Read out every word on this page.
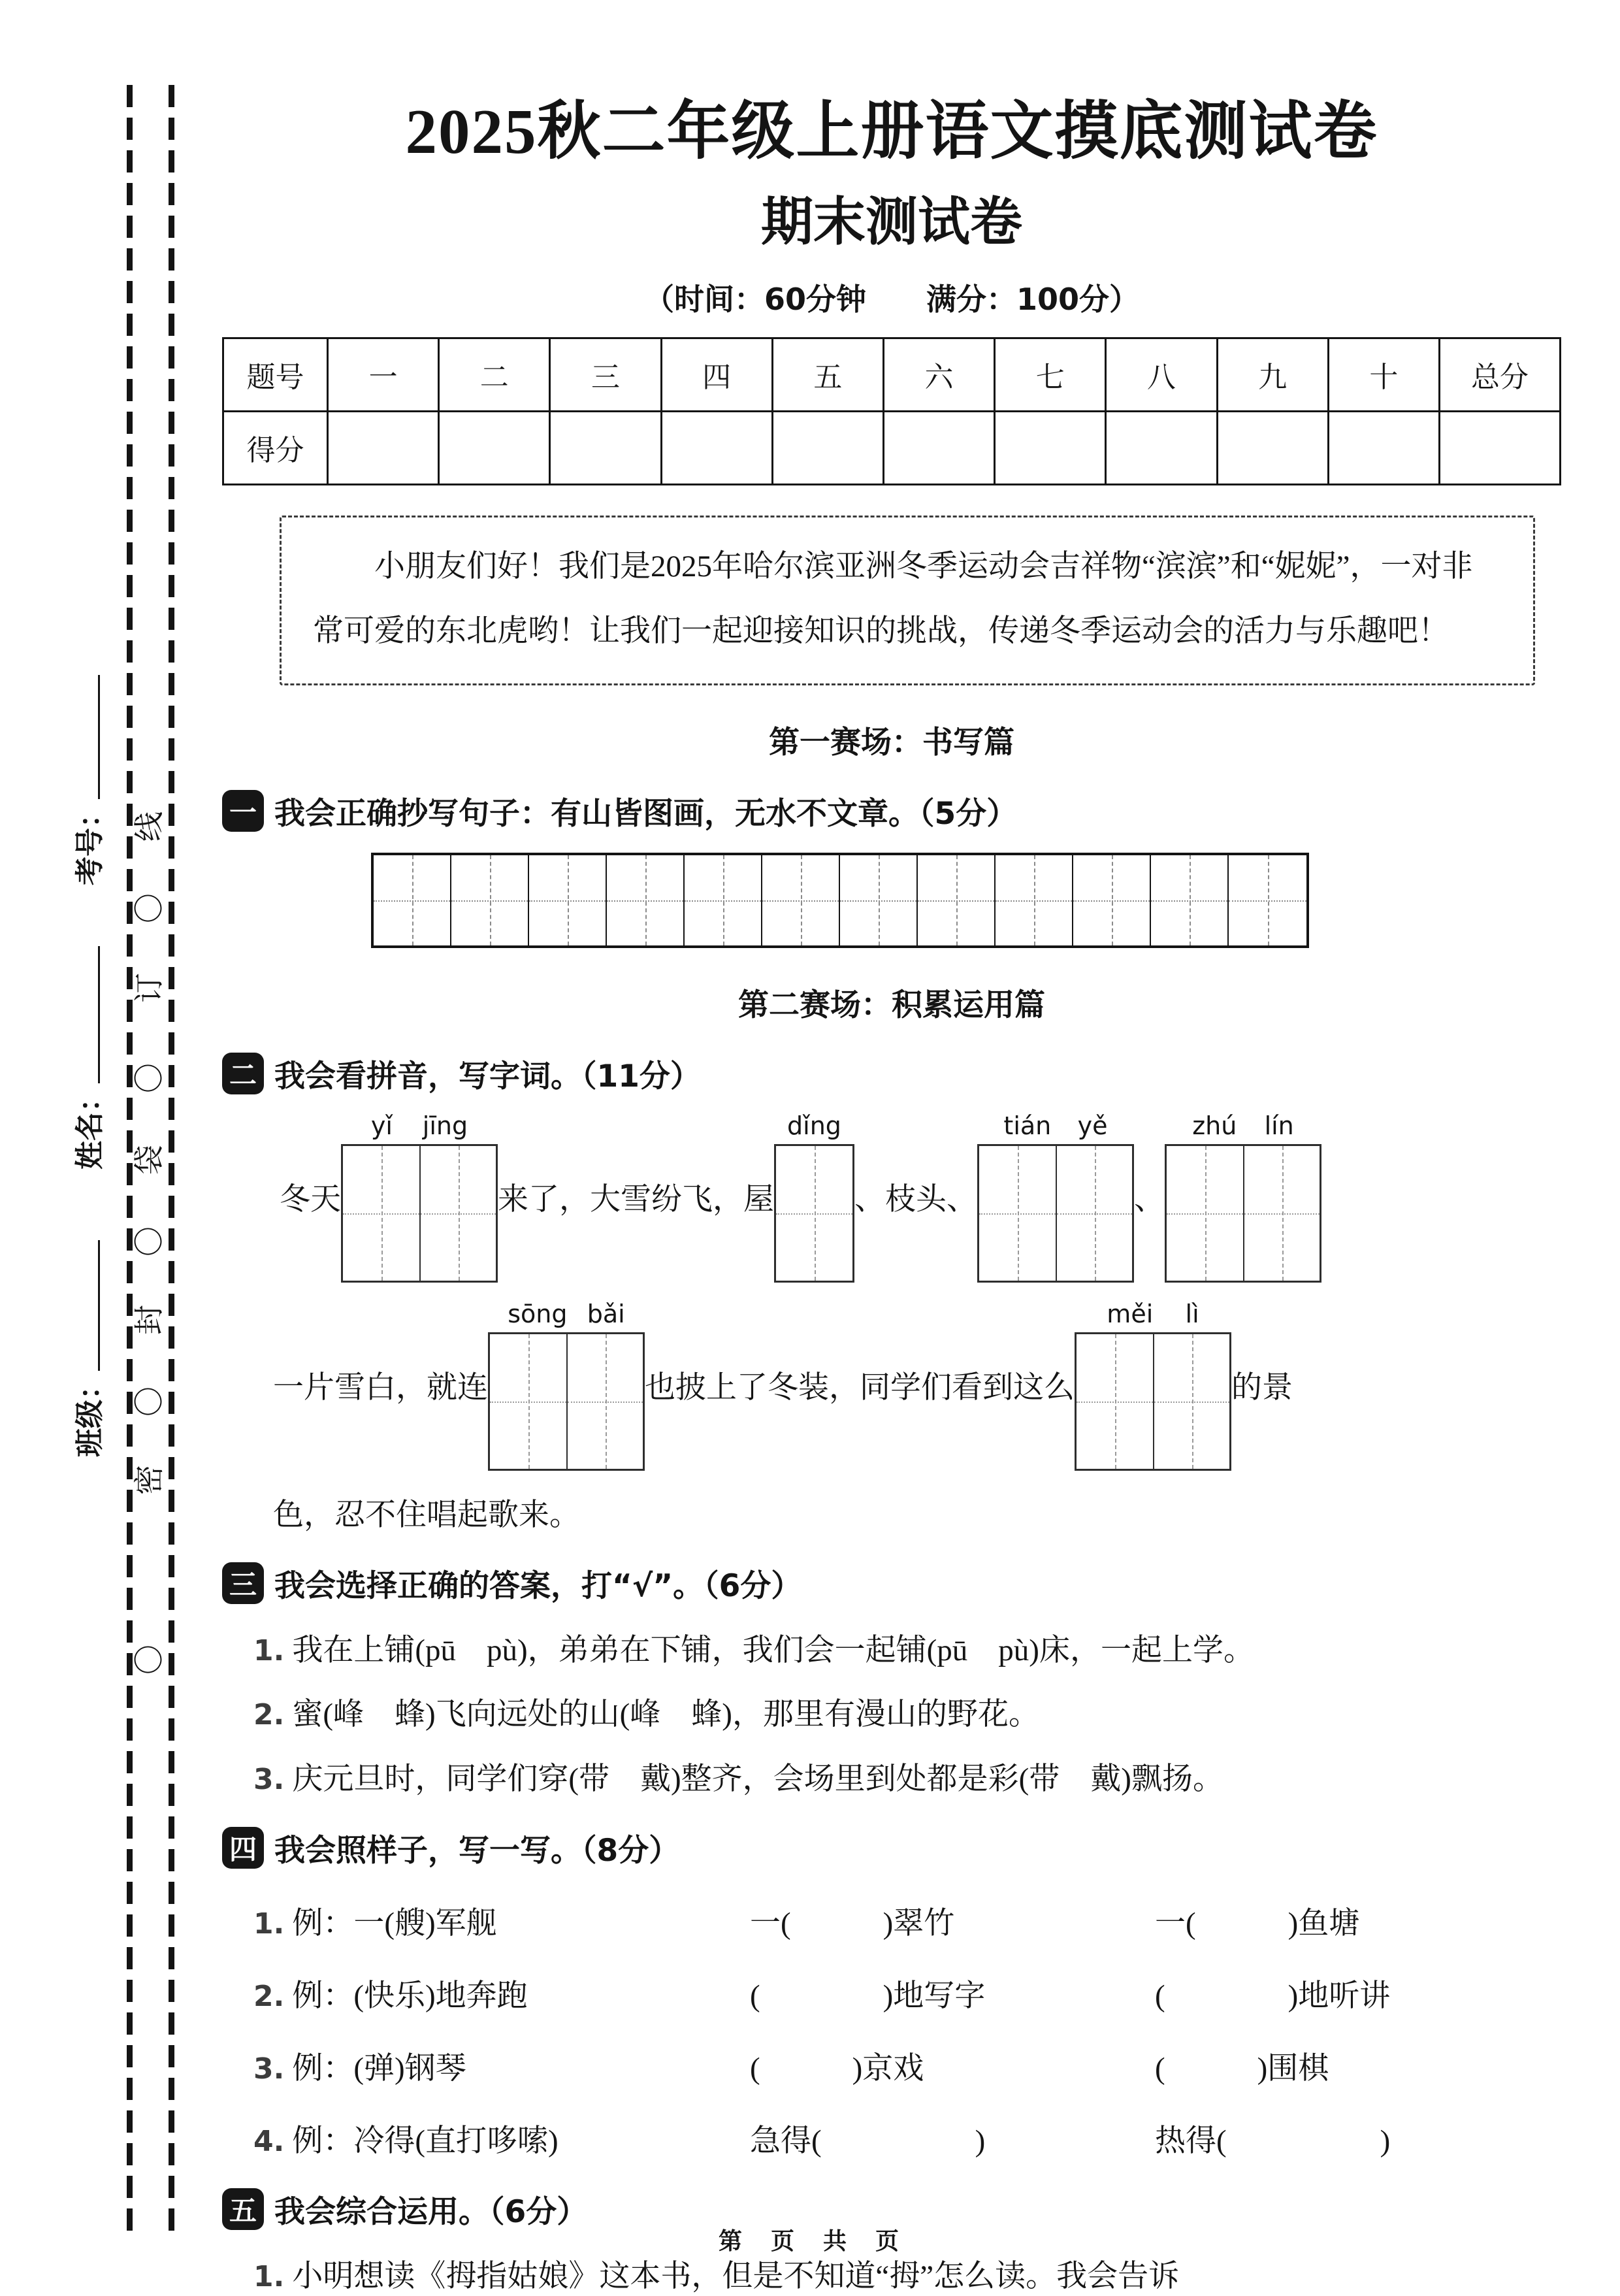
线
〇
订
〇
袋
〇
封
〇
密
〇
考号：
姓名：
班级：
2025秋二年级上册语文摸底测试卷
期末测试卷
（时间：60分钟　　满分：100分）
题号	一	二	三	四	五	六	七	八	九	十	总分
得分											
小朋友们好！我们是2025年哈尔滨亚洲冬季运动会吉祥物“滨滨”和“妮妮”，一对非常可爱的东北虎哟！让我们一起迎接知识的挑战，传递冬季运动会的活力与乐趣吧！
第一赛场：书写篇
一 我会正确抄写句子：有山皆图画，无水不文章。（5分）
第二赛场：积累运用篇
二 我会看拼音，写字词。（11分）
冬天
yǐ jīng
来了，大雪纷飞，屋
dǐng
、枝头、
tián yě
、
zhú lín
一片雪白，就连
sōng bǎi
也披上了冬装，同学们看到这么
měi lì
的景
色，忍不住唱起歌来。
三 我会选择正确的答案，打“√”。（6分）
1. 我在上铺(pū　pù)，弟弟在下铺，我们会一起铺(pū　pù)床，一起上学。
2. 蜜(峰　蜂)飞向远处的山(峰　蜂)，那里有漫山的野花。
3. 庆元旦时，同学们穿(带　戴)整齐，会场里到处都是彩(带　戴)飘扬。
四 我会照样子，写一写。（8分）
1. 例：一(艘)军舰	一(　　　)翠竹	一(　　　)鱼塘
2. 例：(快乐)地奔跑	(　　　　)地写字	(　　　　)地听讲
3. 例：(弹)钢琴	(　　　)京戏	(　　　)围棋
4. 例：冷得(直打哆嗦)	急得(　　　　　)	热得(　　　　　)
五 我会综合运用。（6分）
1. 小明想读《拇指姑娘》这本书，但是不知道“拇”怎么读。我会告诉
第　页　共　页
